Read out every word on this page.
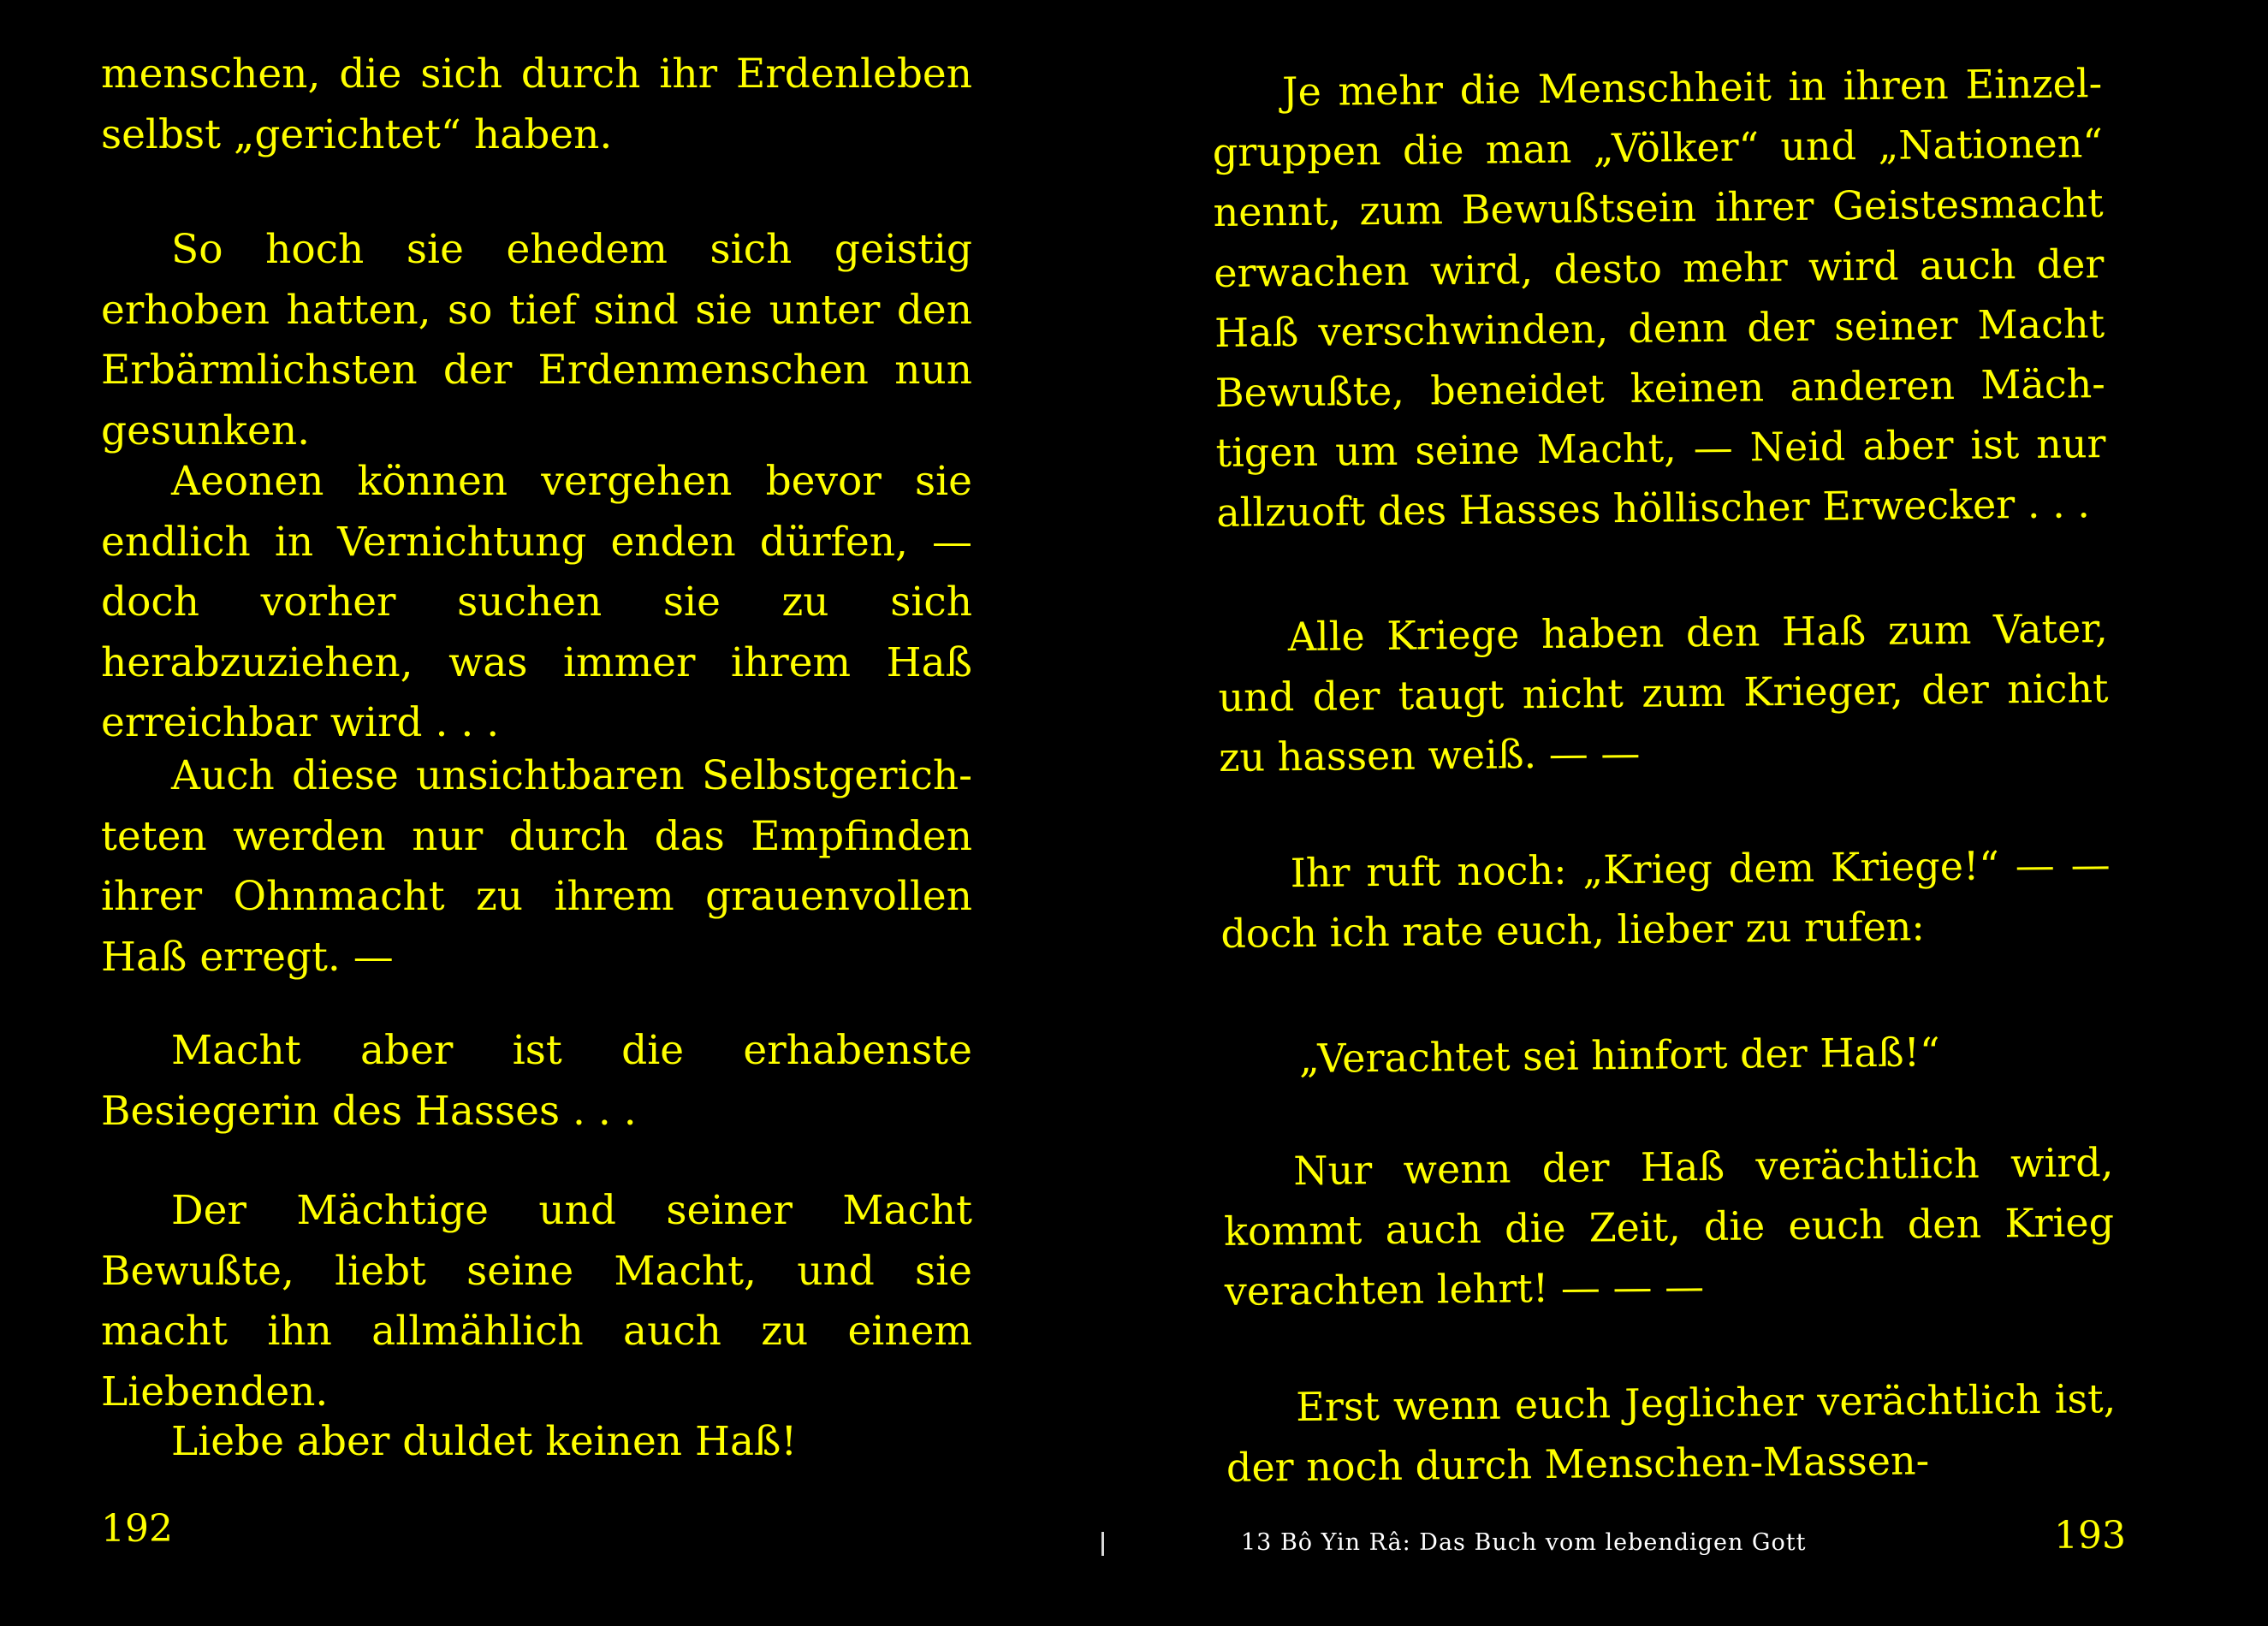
menschen, die sich durch ihr Erdenleben selbst „gerichtet“ haben.

So hoch sie ehedem sich geistig erhoben hatten, so tief sind sie unter den Erbärmlichsten der Erdenmenschen nun gesunken.

Aeonen können vergehen bevor sie endlich in Vernichtung enden dürfen, — doch vorher suchen sie zu sich herabzuziehen, was immer ihrem Haß erreichbar wird . . .

Auch diese unsichtbaren Selbstgerichteten werden nur durch das Empfinden ihrer Ohnmacht zu ihrem grauenvollen Haß erregt. —

Macht aber ist die erhabenste Besiegerin des Hasses . . .

Der Mächtige und seiner Macht Bewußte, liebt seine Macht, und sie macht ihn allmählich auch zu einem Liebenden.

Liebe aber duldet keinen Haß!

192

Je mehr die Menschheit in ihren Einzelgruppen die man „Völker“ und „Nationen“ nennt, zum Bewußtsein ihrer Geistesmacht erwachen wird, desto mehr wird auch der Haß verschwinden, denn der seiner Macht Bewußte, beneidet keinen anderen Mächtigen um seine Macht, — Neid aber ist nur allzuoft des Hasses höllischer Erwecker . . .

Alle Kriege haben den Haß zum Vater, und der taugt nicht zum Krieger, der nicht zu hassen weiß. — —

Ihr ruft noch: „Krieg dem Kriege!“ — — doch ich rate euch, lieber zu rufen:

„Verachtet sei hinfort der Haß!“

Nur wenn der Haß verächtlich wird, kommt auch die Zeit, die euch den Krieg verachten lehrt! — — —

Erst wenn euch Jeglicher verächtlich ist, der noch durch Menschen-Massen-

13 Bô Yin Râ: Das Buch vom lebendigen Gott	193
